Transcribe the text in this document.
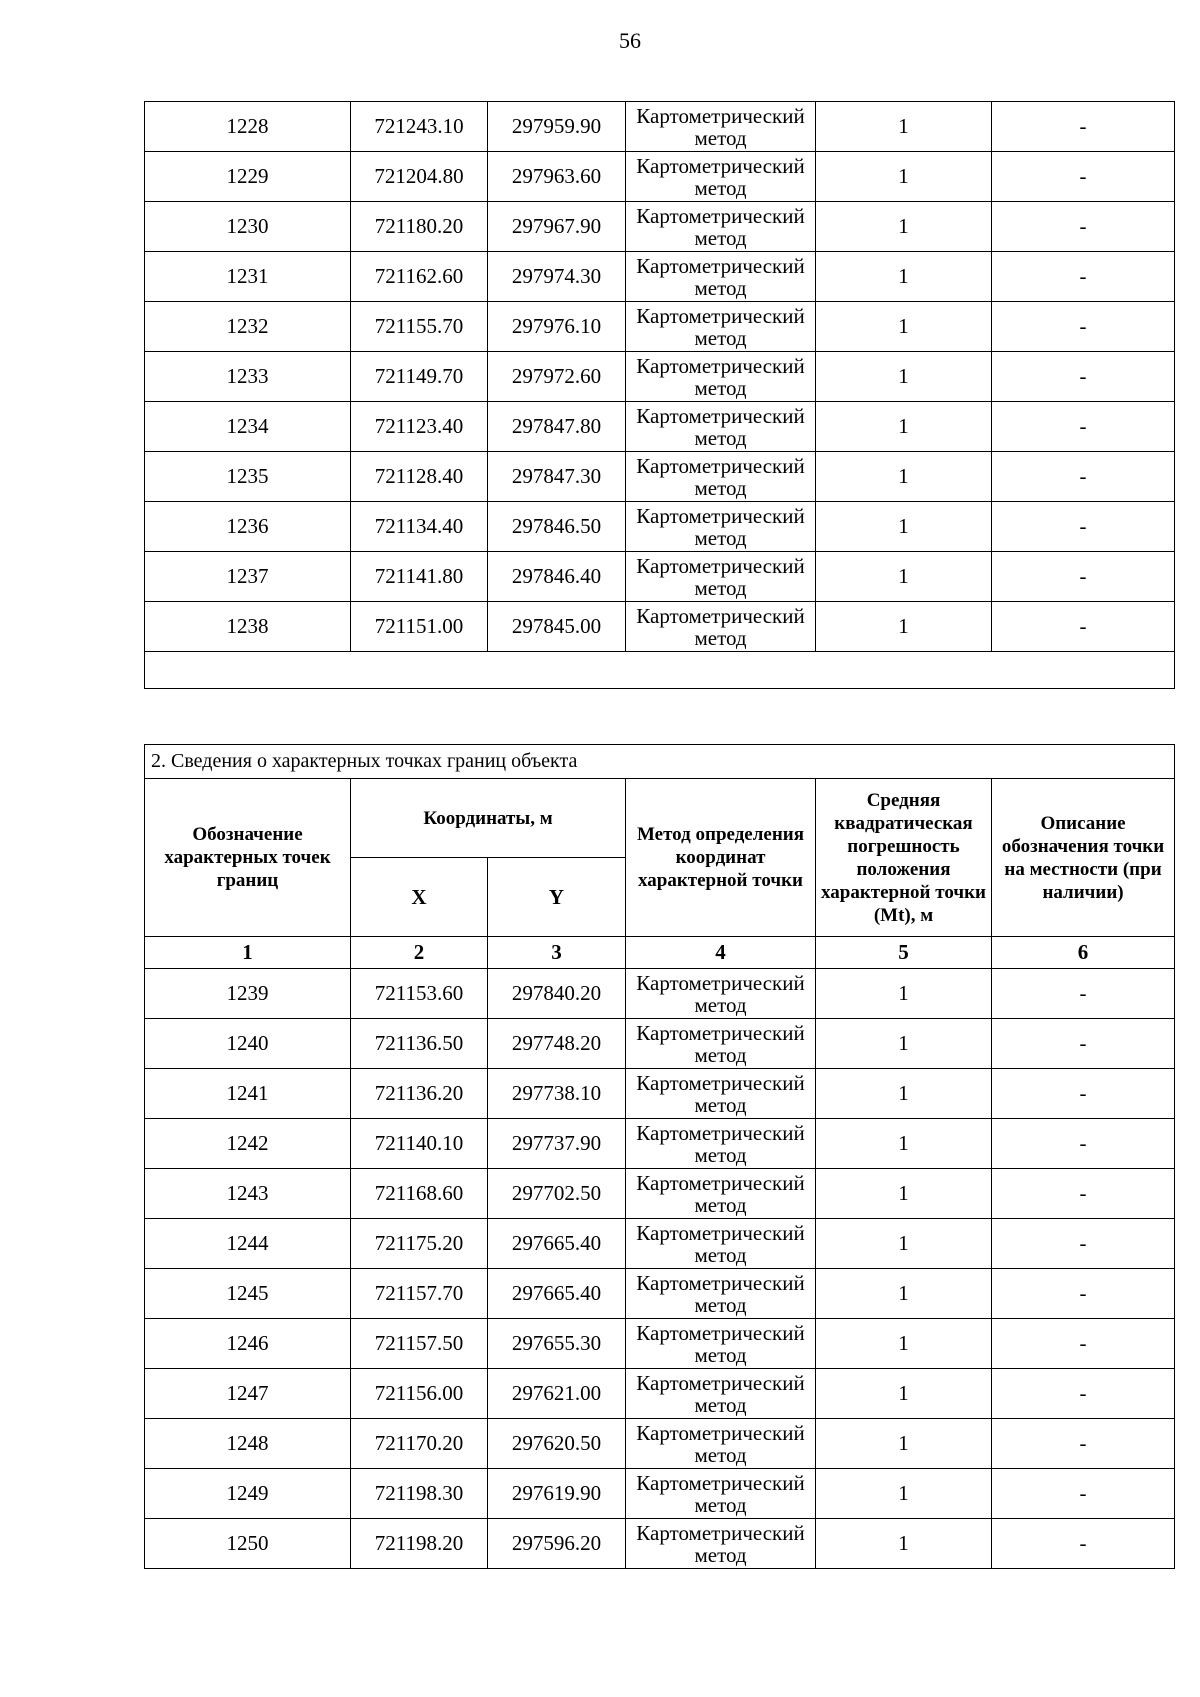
56
1228	721243.10	297959.90	Картометрический метод	1	-
1229	721204.80	297963.60	Картометрический метод	1	-
1230	721180.20	297967.90	Картометрический метод	1	-
1231	721162.60	297974.30	Картометрический метод	1	-
1232	721155.70	297976.10	Картометрический метод	1	-
1233	721149.70	297972.60	Картометрический метод	1	-
1234	721123.40	297847.80	Картометрический метод	1	-
1235	721128.40	297847.30	Картометрический метод	1	-
1236	721134.40	297846.50	Картометрический метод	1	-
1237	721141.80	297846.40	Картометрический метод	1	-
1238	721151.00	297845.00	Картометрический метод	1	-

2. Сведения о характерных точках границ объекта					
Обозначение характерных точек границ	Координаты, м		Метод определения координат характерной точки	Средняя квадратическая погрешность положения характерной точки (Mt), м	Описание обозначения точки на местности (при наличии)
	X	Y			
1	2	3	4	5	6
1239	721153.60	297840.20	Картометрический метод	1	-
1240	721136.50	297748.20	Картометрический метод	1	-
1241	721136.20	297738.10	Картометрический метод	1	-
1242	721140.10	297737.90	Картометрический метод	1	-
1243	721168.60	297702.50	Картометрический метод	1	-
1244	721175.20	297665.40	Картометрический метод	1	-
1245	721157.70	297665.40	Картометрический метод	1	-
1246	721157.50	297655.30	Картометрический метод	1	-
1247	721156.00	297621.00	Картометрический метод	1	-
1248	721170.20	297620.50	Картометрический метод	1	-
1249	721198.30	297619.90	Картометрический метод	1	-
1250	721198.20	297596.20	Картометрический метод	1	-
